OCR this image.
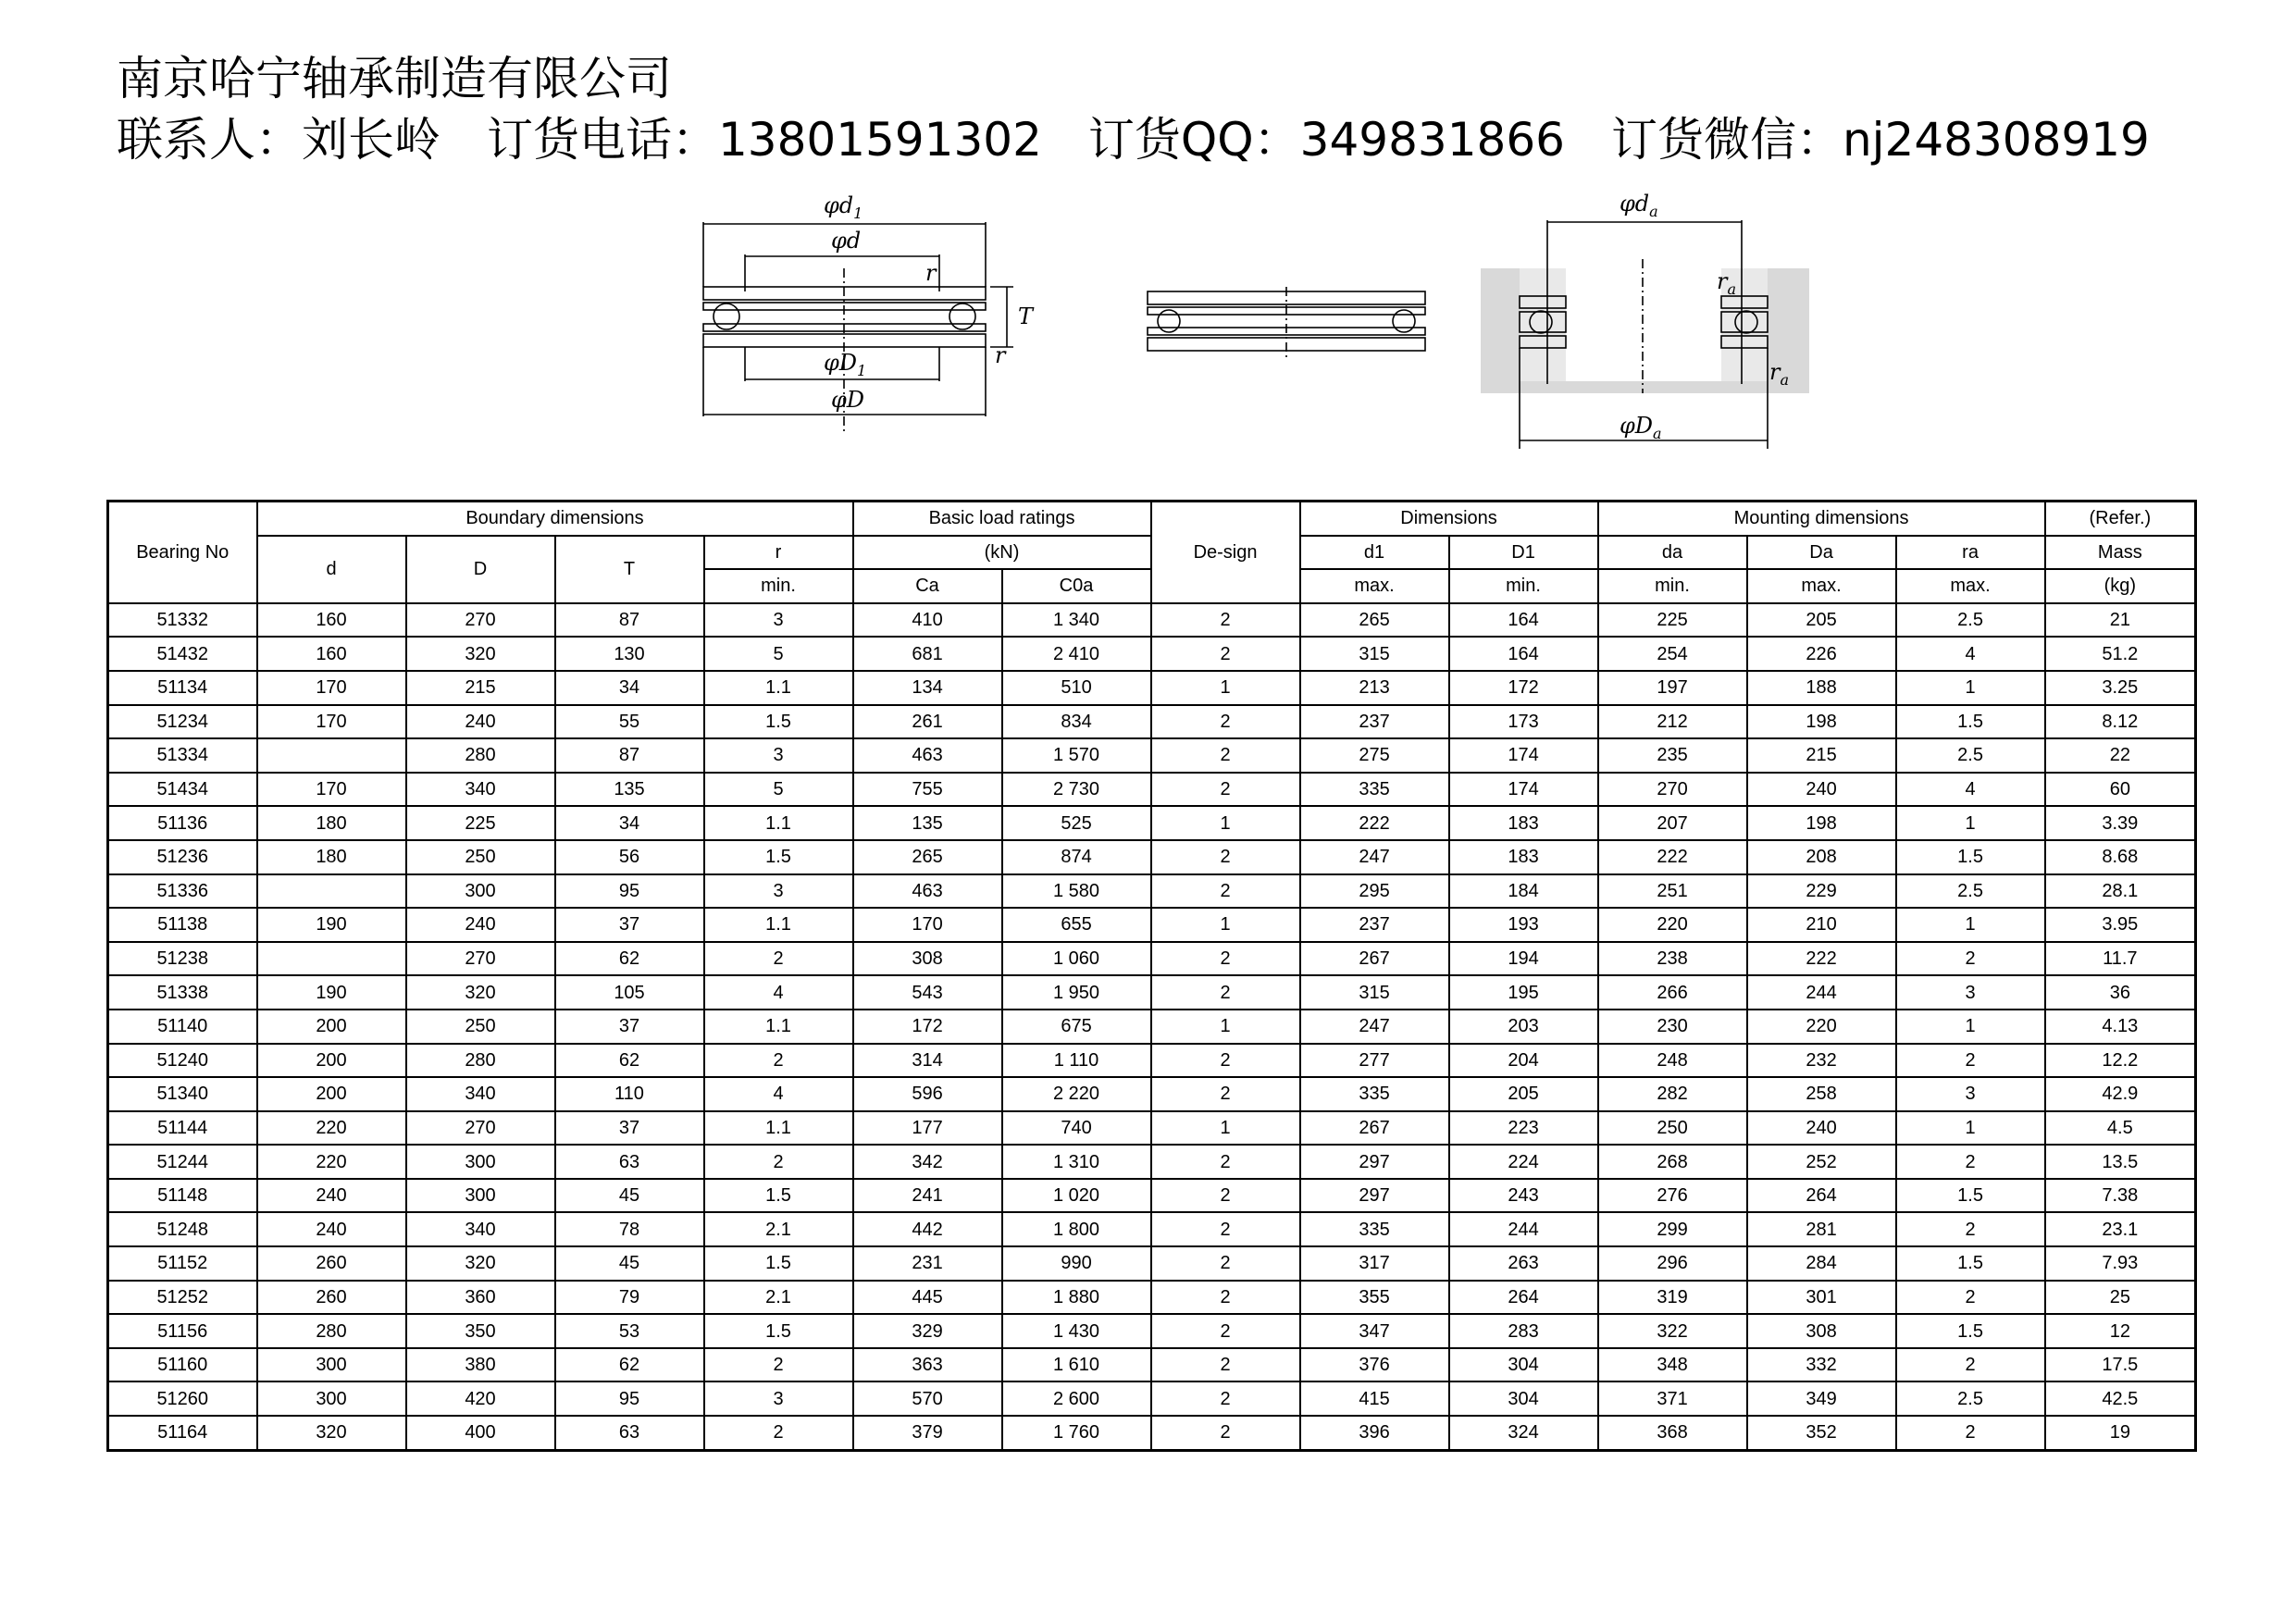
南京哈宁轴承制造有限公司
联系人：刘长岭　订货电话：13801591302　订货QQ：349831866　订货微信：nj248308919
$\varphi d_1$
φd
r
T
r
$\varphi D_1$
φD
$\varphi d_a$
$r_a$
$r_a$
$\varphi D_a$
Bearing No	Boundary dimensions				Basic load ratings		De-sign	Dimensions		Mounting dimensions			(Refer.)
	d	D	T	r	(kN)			d1	D1	da	Da	ra	Mass
				min.	Ca	C0a		max.	min.	min.	max.	max.	(kg)
51332	160	270	87	3	410	1 340	2	265	164	225	205	2.5	21
51432	160	320	130	5	681	2 410	2	315	164	254	226	4	51.2
51134	170	215	34	1.1	134	510	1	213	172	197	188	1	3.25
51234	170	240	55	1.5	261	834	2	237	173	212	198	1.5	8.12
51334		280	87	3	463	1 570	2	275	174	235	215	2.5	22
51434	170	340	135	5	755	2 730	2	335	174	270	240	4	60
51136	180	225	34	1.1	135	525	1	222	183	207	198	1	3.39
51236	180	250	56	1.5	265	874	2	247	183	222	208	1.5	8.68
51336		300	95	3	463	1 580	2	295	184	251	229	2.5	28.1
51138	190	240	37	1.1	170	655	1	237	193	220	210	1	3.95
51238		270	62	2	308	1 060	2	267	194	238	222	2	11.7
51338	190	320	105	4	543	1 950	2	315	195	266	244	3	36
51140	200	250	37	1.1	172	675	1	247	203	230	220	1	4.13
51240	200	280	62	2	314	1 110	2	277	204	248	232	2	12.2
51340	200	340	110	4	596	2 220	2	335	205	282	258	3	42.9
51144	220	270	37	1.1	177	740	1	267	223	250	240	1	4.5
51244	220	300	63	2	342	1 310	2	297	224	268	252	2	13.5
51148	240	300	45	1.5	241	1 020	2	297	243	276	264	1.5	7.38
51248	240	340	78	2.1	442	1 800	2	335	244	299	281	2	23.1
51152	260	320	45	1.5	231	990	2	317	263	296	284	1.5	7.93
51252	260	360	79	2.1	445	1 880	2	355	264	319	301	2	25
51156	280	350	53	1.5	329	1 430	2	347	283	322	308	1.5	12
51160	300	380	62	2	363	1 610	2	376	304	348	332	2	17.5
51260	300	420	95	3	570	2 600	2	415	304	371	349	2.5	42.5
51164	320	400	63	2	379	1 760	2	396	324	368	352	2	19
